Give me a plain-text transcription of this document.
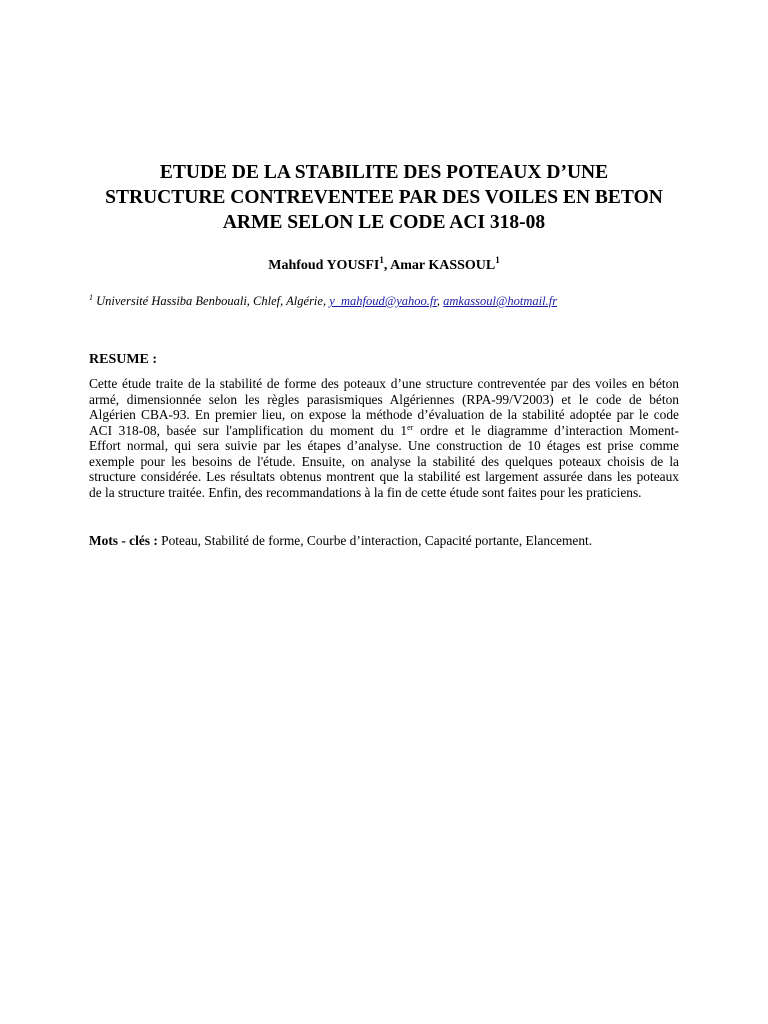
ETUDE DE LA STABILITE DES POTEAUX D’UNE
STRUCTURE CONTREVENTEE PAR DES VOILES EN BETON
ARME SELON LE CODE ACI 318-08
Mahfoud YOUSFI$^1$, Amar KASSOUL$^1$
$^1$ Université Hassiba Benbouali, Chlef, Algérie, y_mahfoud@yahoo.fr, amkassoul@hotmail.fr
RESUME :
Cette étude traite de la stabilité de forme des poteaux d’une structure contreventée par des voiles en béton
armé, dimensionnée selon les règles parasismiques Algériennes (RPA-99/V2003) et le code de béton
Algérien CBA-93. En premier lieu, on expose la méthode d’évaluation de la stabilité adoptée par le code
ACI 318-08, basée sur l'amplification du moment du 1er ordre et le diagramme d’interaction Moment-
Effort normal, qui sera suivie par les étapes d’analyse. Une construction de 10 étages est prise comme
exemple pour les besoins de l'étude. Ensuite, on analyse la stabilité des quelques poteaux choisis de la
structure considérée. Les résultats obtenus montrent que la stabilité est largement assurée dans les poteaux
de la structure traitée. Enfin, des recommandations à la fin de cette étude sont faites pour les praticiens.
Mots - clés : Poteau, Stabilité de forme, Courbe d’interaction, Capacité portante, Elancement.
